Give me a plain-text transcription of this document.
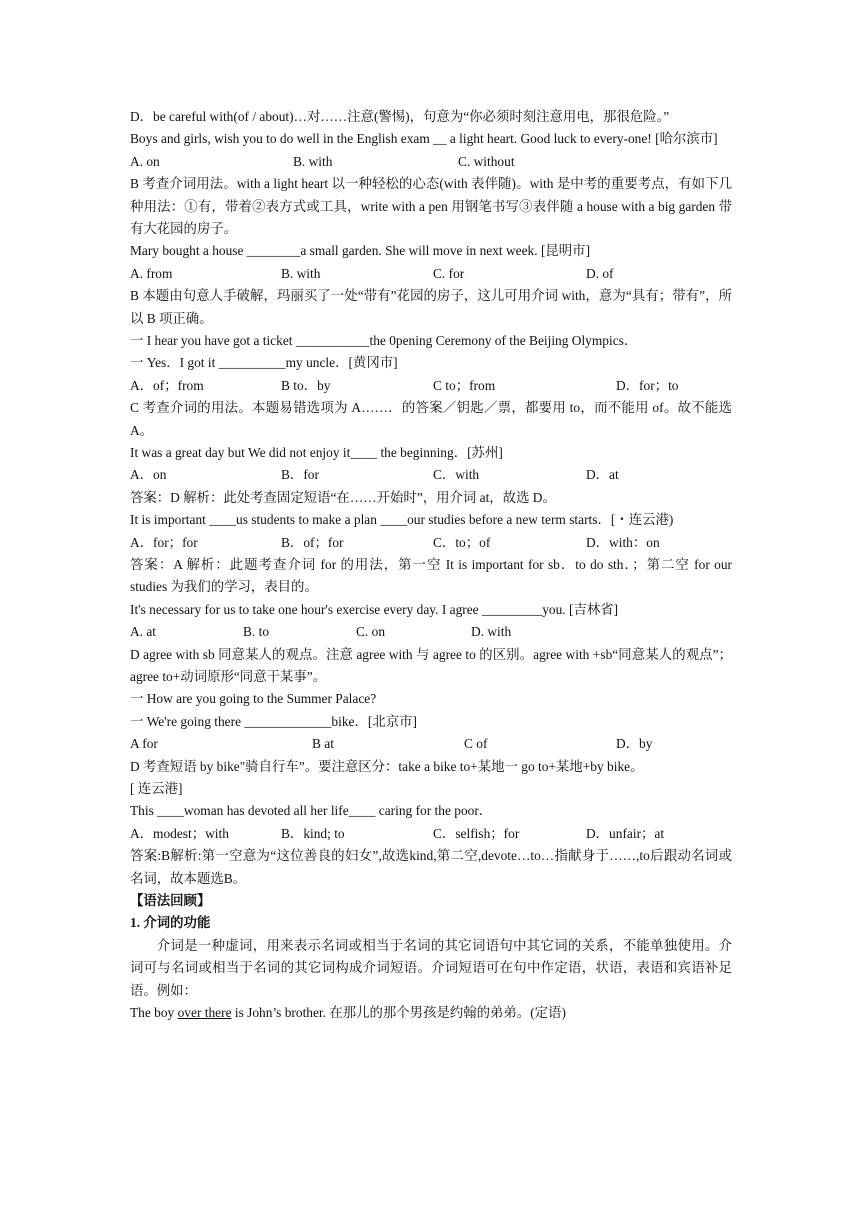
D．be careful with(of / about)…对……注意(警惕)，句意为“你必须时刻注意用电，那很危险。”
Boys and girls, wish you to do well in the English exam __ a light heart. Good luck to every-one! [哈尔滨市]
A. on	B. with	C. without
B 考查介词用法。with a light heart 以一种轻松的心态(with 表伴随)。with 是中考的重要考点，有如下几种用法：①有，带着②表方式或工具，write with a pen 用钢笔书写③表伴随 a house with a big garden 带有大花园的房子。
Mary bought a house ________a small garden. She will move in next week. [昆明市]
A. from	B. with	C. for	D. of
B 本题由句意人手破解，玛丽买了一处“带有”花园的房子，这儿可用介词 with，意为“具有；带有”，所以 B 项正确。
一 I hear you have got a ticket ___________the 0pening Ceremony of the Beijing Olympics．
一 Yes．I got it __________my uncle．[黄冈市]
A．of；from	B to．by	C to；from	D．for；to
C 考查介词的用法。本题易错选项为 A……．的答案／钥匙／票，都要用 to，而不能用 of。故不能选 A。
It was a great day but We did not enjoy it____ the beginning．[苏州]
A．on	B．for	C．with	D．at
答案：D 解析：此处考查固定短语“在……开始时”，用介词 at，故选 D。
It is important ____us students to make a plan ____our studies before a new term starts．[・连云港)
A．for；for	B．of；for	C．to；of	D．with：on
答案：A 解析：此题考查介词 for 的用法，第一空 It is important for sb．to do sth．；第二空 for our studies 为我们的学习，表目的。
It's necessary for us to take one hour's exercise every day. I agree _________you. [吉林省]
A. at	B. to	C. on	D. with
D agree with sb 同意某人的观点。注意 agree with 与 agree to 的区别。agree with +sb“同意某人的观点”；agree to+动词原形“同意干某事”。
一 How are you going to the Summer Palace?
一 We're going there _____________bike．[北京市]
A for	B at	C of	D．by
D 考查短语 by bike"骑自行车”。要注意区分：take a bike to+某地一 go to+某地+by bike。
[ 连云港]
This ____woman has devoted all her life____ caring for the poor．
A．modest；with	B．kind; to	C．selfish；for	D．unfair；at
答案:B解析:第一空意为“这位善良的妇女”,故选kind,第二空,devote…to…指献身于……,to后跟动名词或名词，故本题选B。
【语法回顾】
1. 介词的功能
介词是一种虚词，用来表示名词或相当于名词的其它词语句中其它词的关系，不能单独使用。介词可与名词或相当于名词的其它词构成介词短语。介词短语可在句中作定语，状语，表语和宾语补足语。例如：
The boy over there is John’s brother. 在那儿的那个男孩是约翰的弟弟。(定语)
